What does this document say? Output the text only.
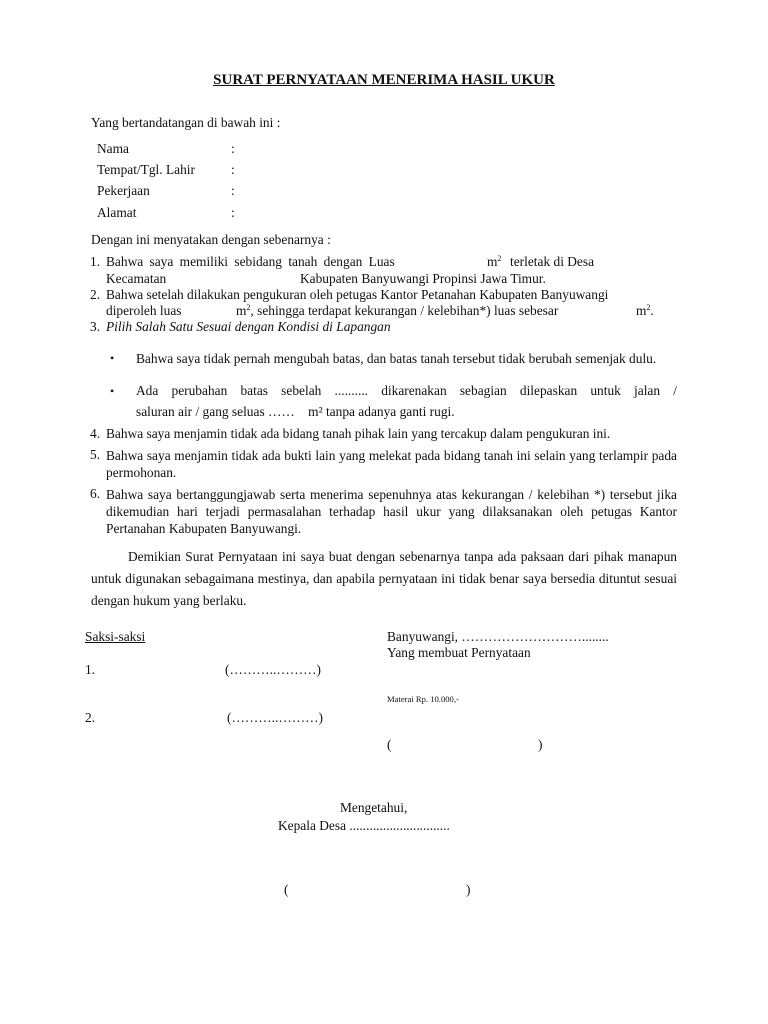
SURAT PERNYATAAN MENERIMA HASIL UKUR
Yang bertandatangan di bawah ini :
Nama	:
Tempat/Tgl. Lahir	:
Pekerjaan	:
Alamat	:
Dengan ini menyatakan dengan sebenarnya :
1. Bahwa saya memiliki sebidang tanah dengan Luas	$m^2$ terletak di Desa
Kecamatan	Kabupaten Banyuwangi Propinsi Jawa Timur.
2. Bahwa setelah dilakukan pengukuran oleh petugas Kantor Petanahan Kabupaten Banyuwangi
diperoleh luas	$m^2$, sehingga terdapat kekurangan / kelebihan*) luas sebesar	$m^2$.
3. Pilih Salah Satu Sesuai dengan Kondisi di Lapangan
• Bahwa saya tidak pernah mengubah batas, dan batas tanah tersebut tidak berubah semenjak dulu.
• Ada perubahan batas sebelah .......... dikarenakan sebagian dilepaskan untuk jalan /
saluran air / gang seluas ……    m² tanpa adanya ganti rugi.
4. Bahwa saya menjamin tidak ada bidang tanah pihak lain yang tercakup dalam pengukuran ini.
5. Bahwa saya menjamin tidak ada bukti lain yang melekat pada bidang tanah ini selain yang terlampir pada permohonan.
6. Bahwa saya bertanggungjawab serta menerima sepenuhnya atas kekurangan / kelebihan *) tersebut jika dikemudian hari terjadi permasalahan terhadap hasil ukur yang dilaksanakan oleh petugas Kantor Pertanahan Kabupaten Banyuwangi.
Demikian Surat Pernyataan ini saya buat dengan sebenarnya tanpa ada paksaan dari pihak manapun untuk digunakan sebagaimana mestinya, dan apabila pernyataan ini tidak benar saya bersedia dituntut sesuai dengan hukum yang berlaku.
Saksi-saksi
1.	(………..………)
2.	(………..………)
Banyuwangi, ………………………........
Yang membuat Pernyataan
Materai Rp. 10.000,-
(	)
Mengetahui,
Kepala Desa ..............................
(	)
